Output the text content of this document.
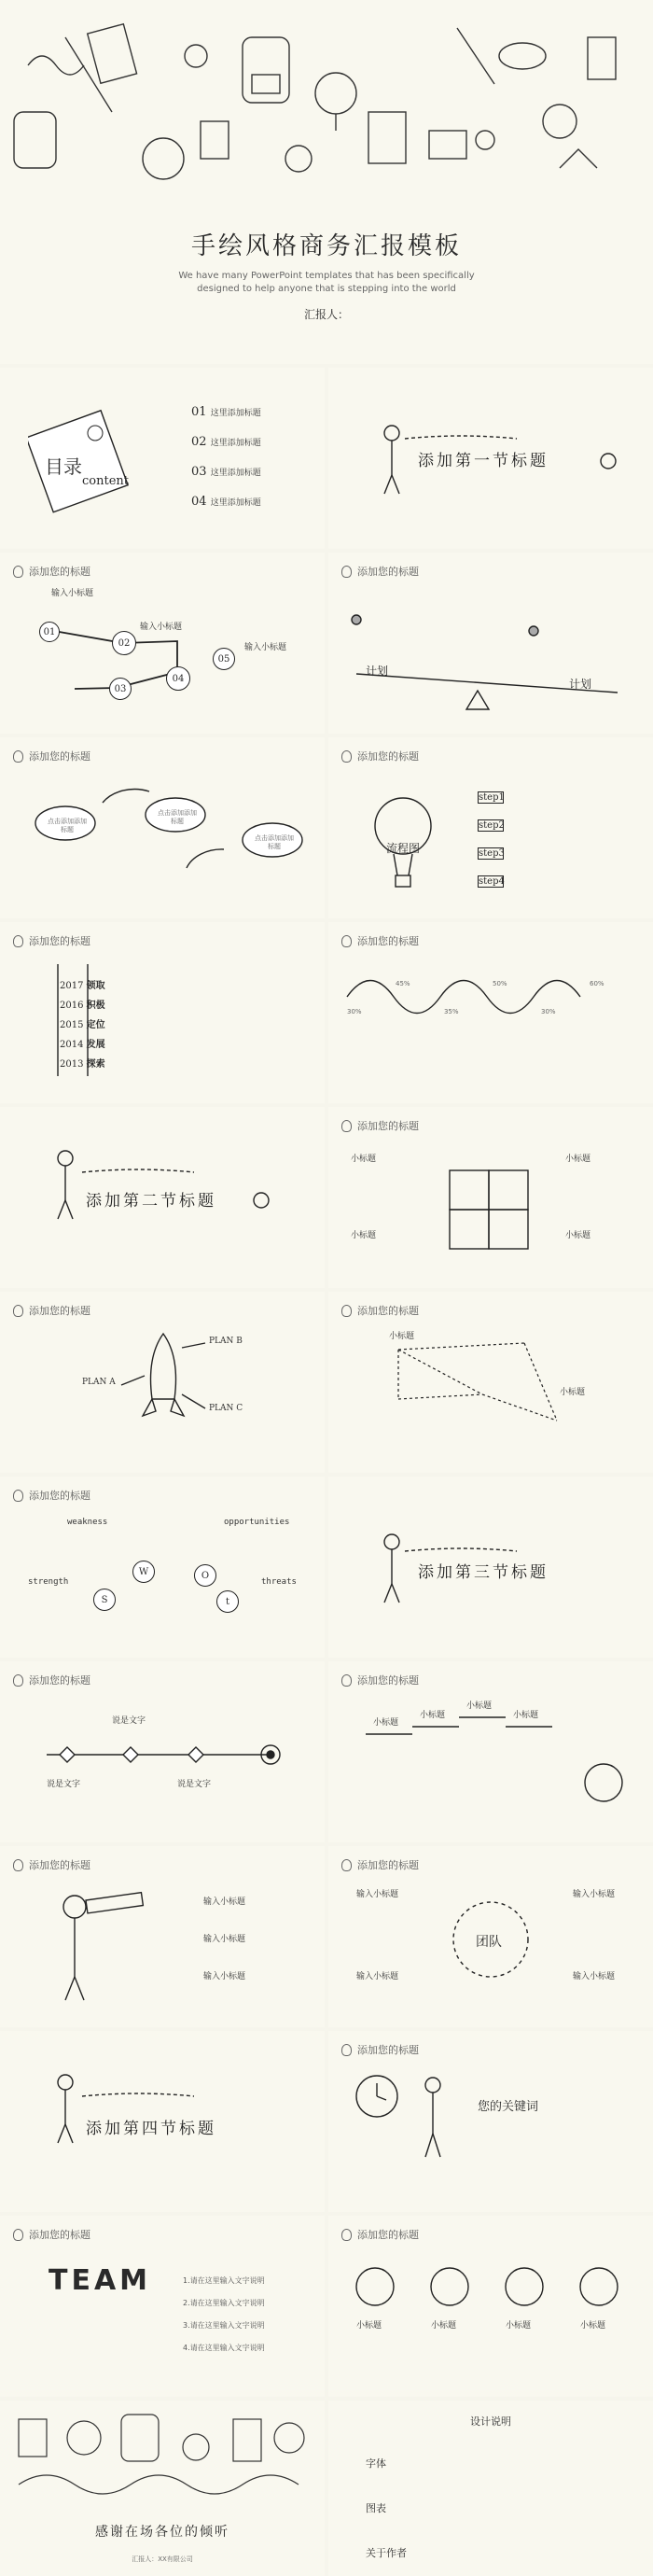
手绘风格商务汇报模板
We have many PowerPoint templates that has been specifically
designed to help anyone that is stepping into the world
汇报人：
目录
content
01 这里添加标题
02 这里添加标题
03 这里添加标题
04 这里添加标题
添加第一节标题
添加您的标题
01
02
03
04
05
输入小标题
输入小标题
输入小标题
添加您的标题
计划
计划
添加您的标题
点击添加添加标题
点击添加添加标题
点击添加添加标题
添加您的标题
流程图
step1
step2
step3
step4
添加您的标题
2017 领取
2016 积极
2015 定位
2014 发展
2013 探索
添加您的标题
30%
45%
35%
50%
30%
60%
添加第二节标题
添加您的标题
小标题	小标题
小标题	小标题
添加您的标题
PLAN A
PLAN B
PLAN C
添加您的标题
小标题
小标题
添加您的标题
weakness	opportunities
strength	threats
S
W	O
t
添加第三节标题
添加您的标题
说是文字
说是文字	说是文字
添加您的标题
小标题
小标题
小标题
小标题
添加您的标题
输入小标题
输入小标题
输入小标题
添加您的标题
团队
输入小标题	输入小标题
输入小标题	输入小标题
添加第四节标题
添加您的标题
您的关键词
添加您的标题
TEAM	1.请在这里输入文字说明
2.请在这里输入文字说明
3.请在这里输入文字说明
4.请在这里输入文字说明
添加您的标题
小标题	小标题	小标题	小标题
感谢在场各位的倾听
汇报人：XX有限公司
设计说明
字体
图表
关于作者
